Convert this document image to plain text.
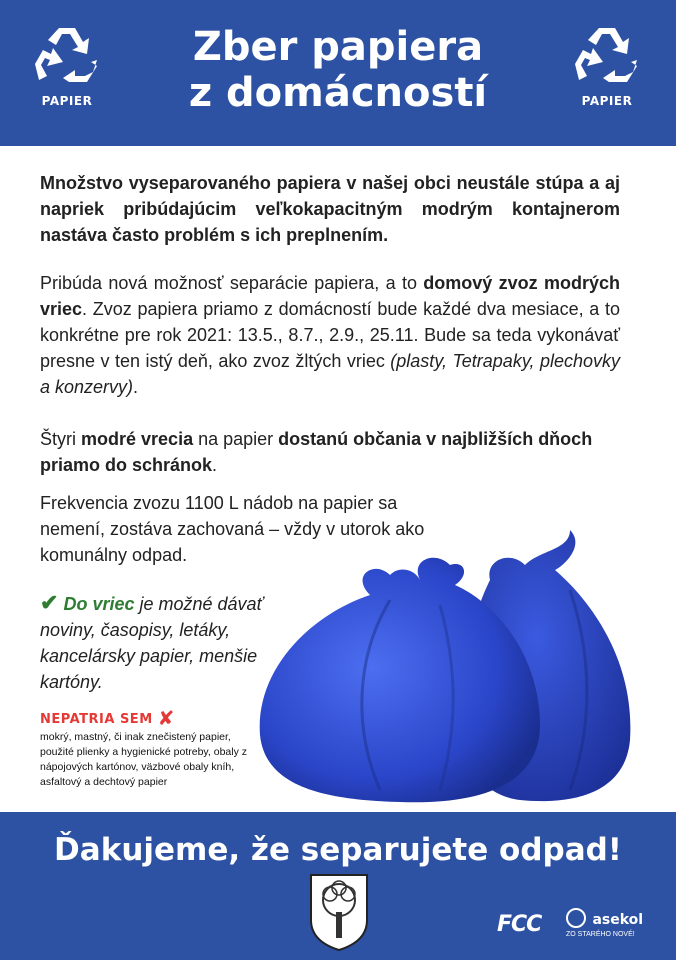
PAPIER
Zber papiera
z domácností	PAPIER
Množstvo vyseparovaného papiera v našej obci neustále stúpa a aj napriek pribúdajúcim veľkokapacitným modrým kontajnerom nastáva často problém s ich preplnením.
Pribúda nová možnosť separácie papiera, a to domový zvoz modrých vriec. Zvoz papiera priamo z domácností bude každé dva mesiace, a to konkrétne pre rok 2021: 13.5., 8.7., 2.9., 25.11. Bude sa teda vykonávať presne v ten istý deň, ako zvoz žltých vriec (plasty, Tetrapaky, plechovky a konzervy).
Štyri modré vrecia na papier dostanú občania v najbližších dňoch priamo do schránok.
Frekvencia zvozu 1100 L nádob na papier sa nemení, zostáva zachovaná – vždy v utorok ako komunálny odpad.
✔ Do vriec je možné dávať noviny, časopisy, letáky, kancelársky papier, menšie kartóny.
NEPATRIA SEM ✘
mokrý, mastný, či inak znečistený papier, použité plienky a hygienické potreby, obaly z nápojových kartónov, väzbové obaly kníh, asfaltový a dechtový papier
Ďakujeme, že separujete odpad!
FCC	asekol
ZO STARÉHO NOVÉ!
